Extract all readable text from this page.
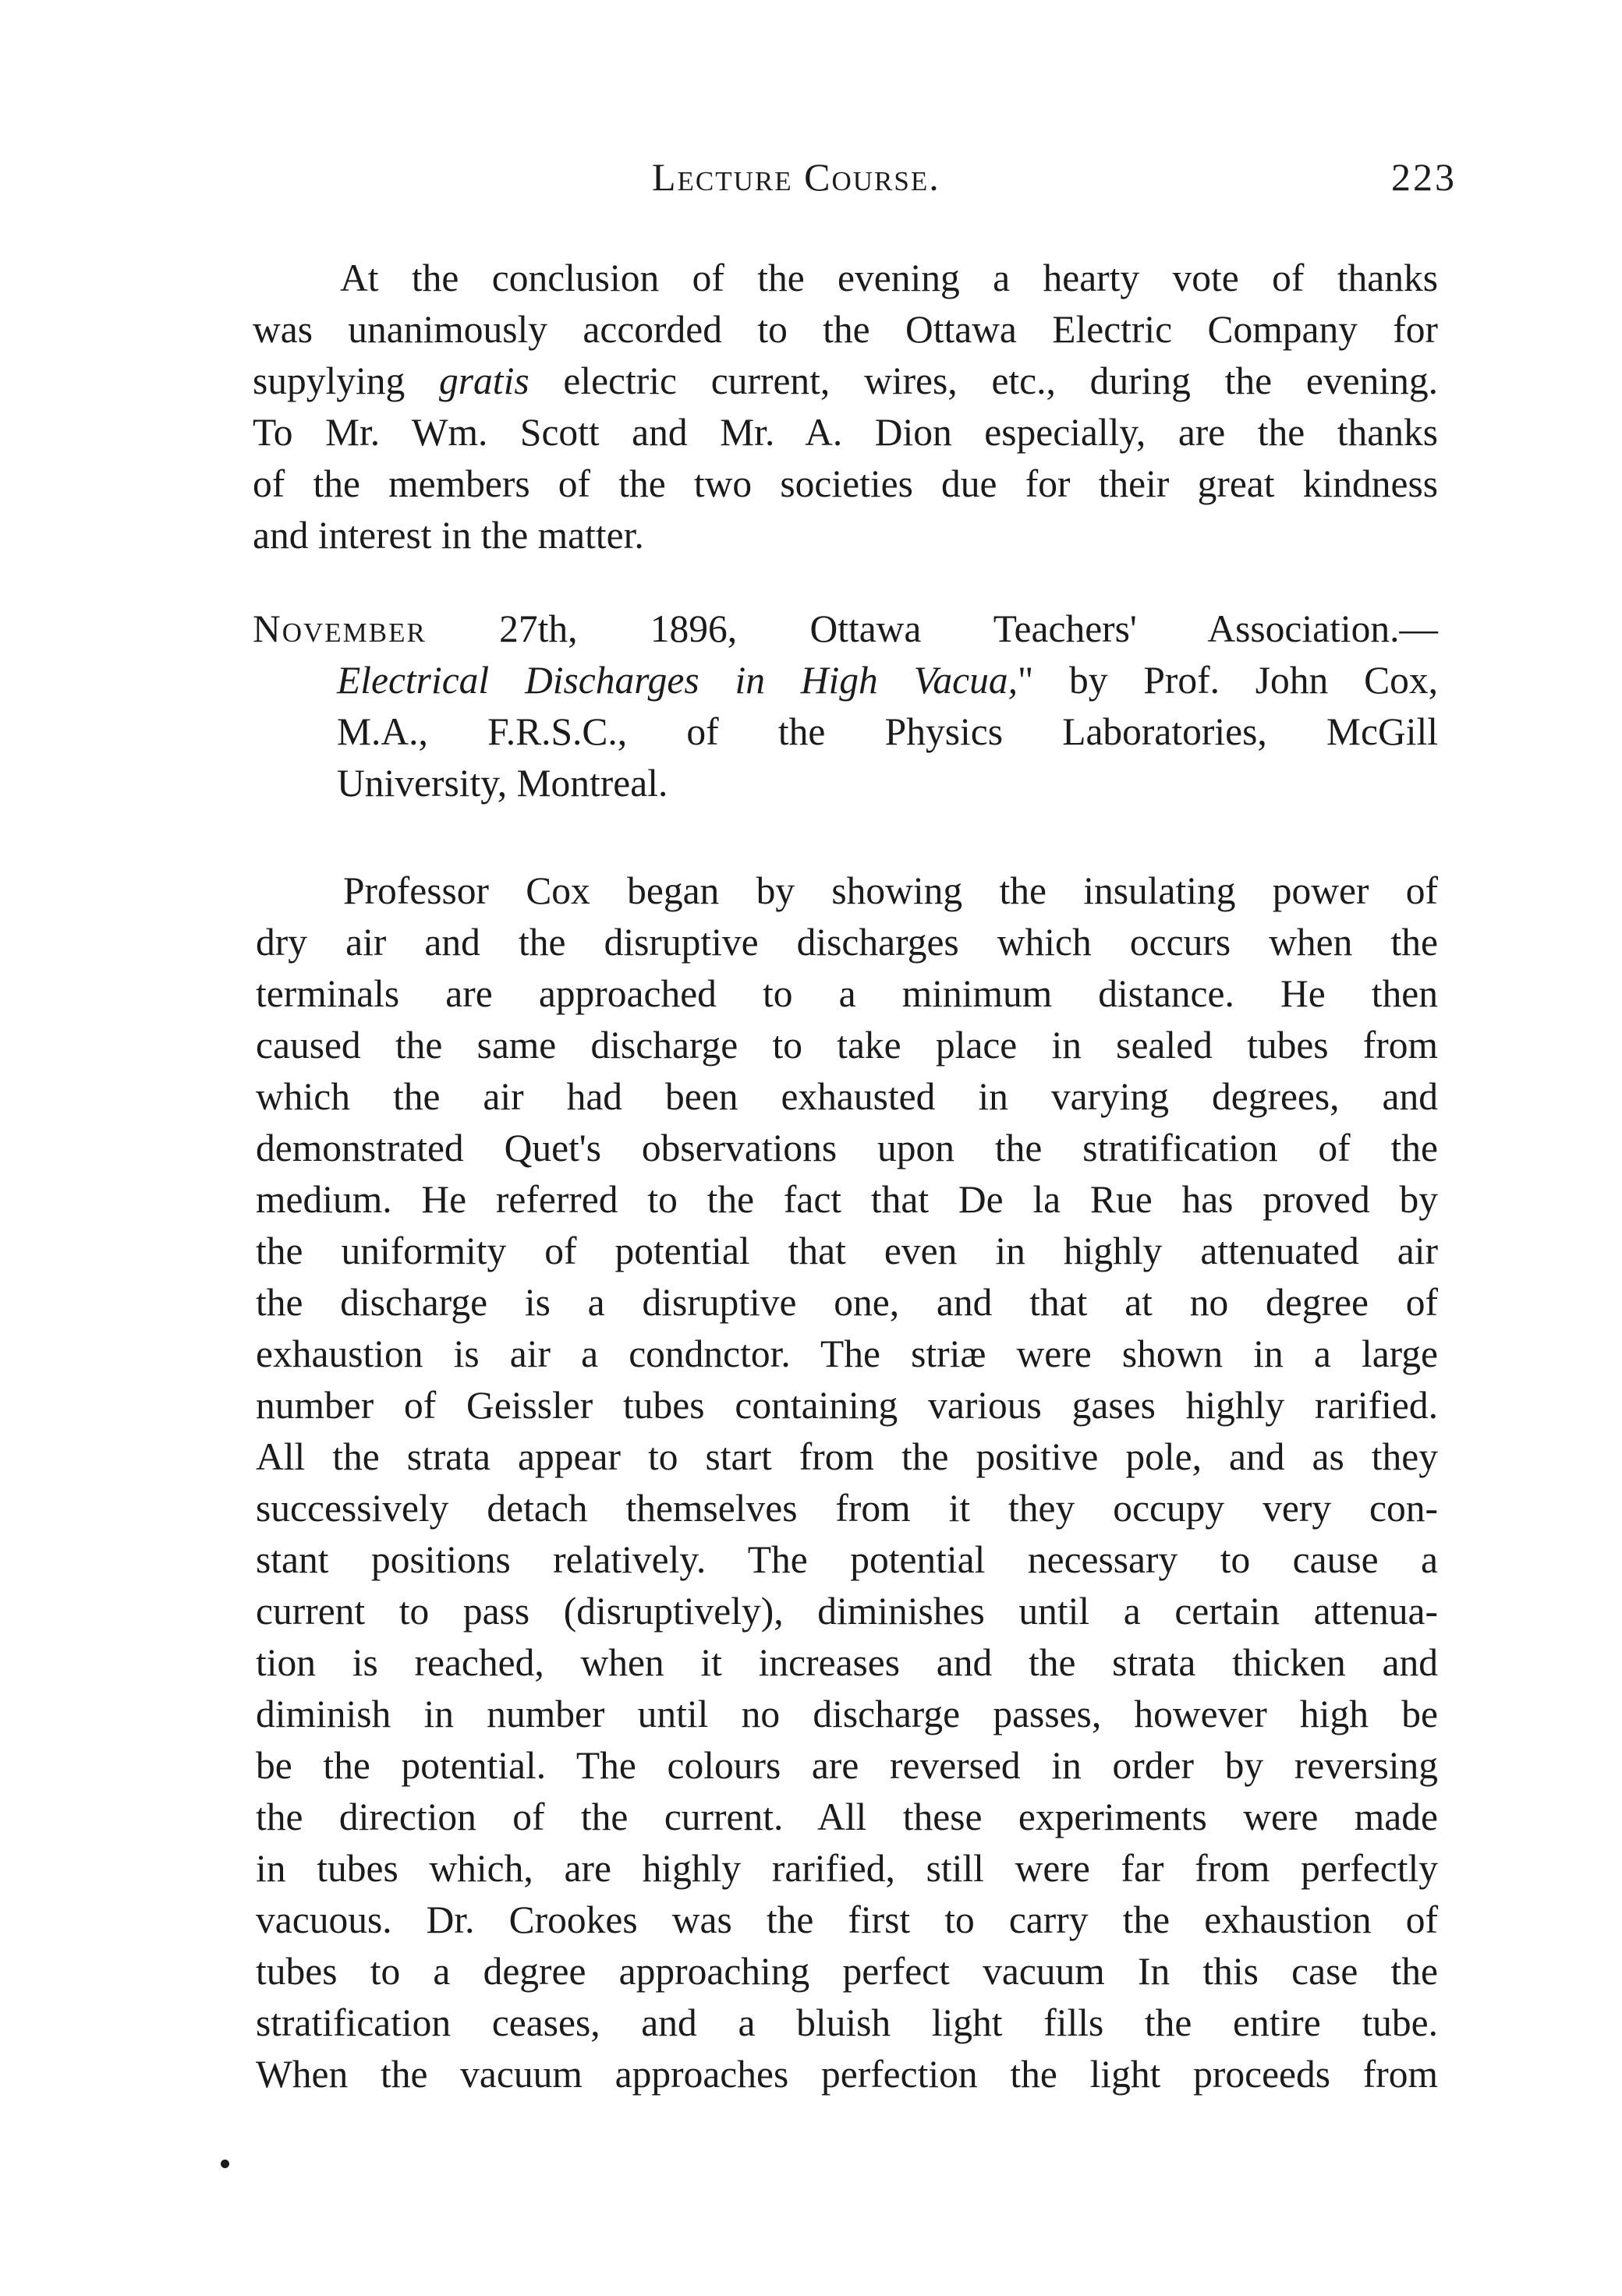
Lecture Course.	223
At the conclusion of the evening a hearty vote of thanks
was unanimously accorded to the Ottawa Electric Company for
supylying gratis electric current, wires, etc., during the evening.
To Mr. Wm. Scott and Mr. A. Dion especially, are the thanks
of the members of the two societies due for their great kindness
and interest in the matter.
November 27th, 1896, Ottawa Teachers' Association.—
Electrical Discharges in High Vacua," by Prof. John Cox,
M.A., F.R.S.C., of the Physics Laboratories, McGill
University, Montreal.
Professor Cox began by showing the insulating power of
dry air and the disruptive discharges which occurs when the
terminals are approached to a minimum distance. He then
caused the same discharge to take place in sealed tubes from
which the air had been exhausted in varying degrees, and
demonstrated Quet's observations upon the stratification of the
medium. He referred to the fact that De la Rue has proved by
the uniformity of potential that even in highly attenuated air
the discharge is a disruptive one, and that at no degree of
exhaustion is air a condnctor. The striæ were shown in a large
number of Geissler tubes containing various gases highly rarified.
All the strata appear to start from the positive pole, and as they
successively detach themselves from it they occupy very con-
stant positions relatively. The potential necessary to cause a
current to pass (disruptively), diminishes until a certain attenua-
tion is reached, when it increases and the strata thicken and
diminish in number until no discharge passes, however high be
be the potential. The colours are reversed in order by reversing
the direction of the current. All these experiments were made
in tubes which, are highly rarified, still were far from perfectly
vacuous. Dr. Crookes was the first to carry the exhaustion of
tubes to a degree approaching perfect vacuum In this case the
stratification ceases, and a bluish light fills the entire tube.
When the vacuum approaches perfection the light proceeds from
